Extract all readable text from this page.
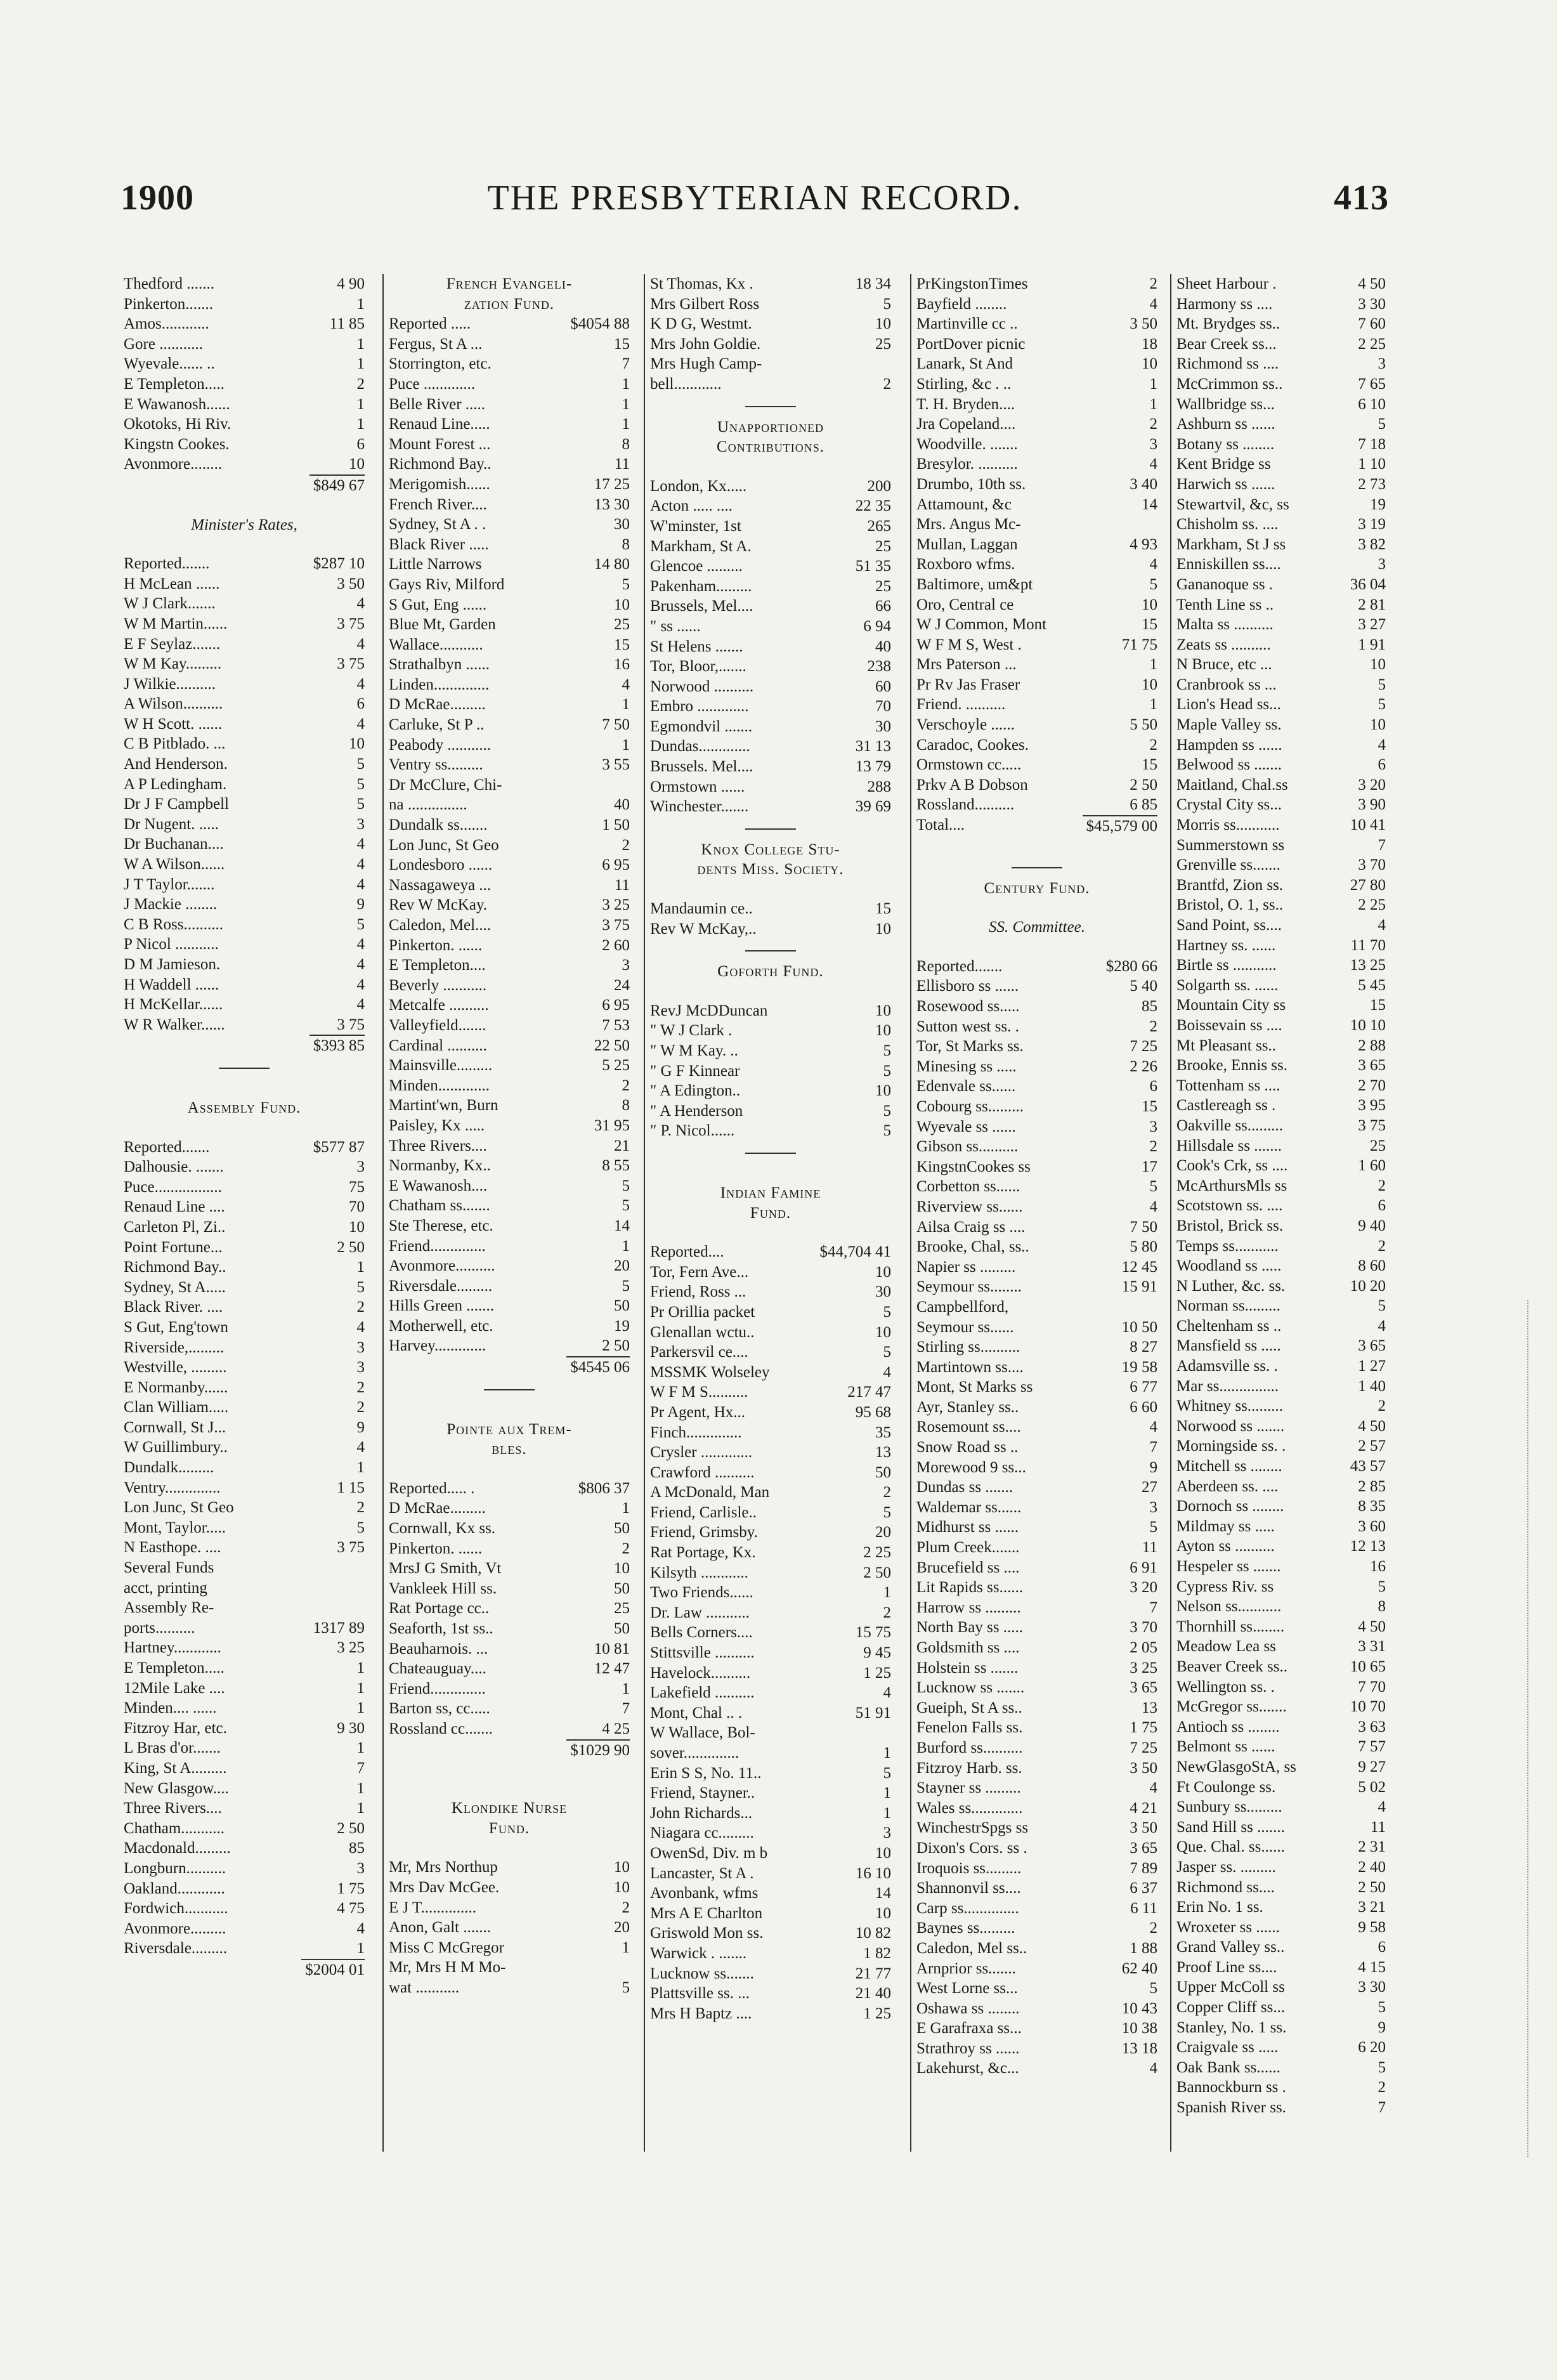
1900	THE PRESBYTERIAN RECORD.	413
Thedford .......	4 90
Pinkerton.......	1
Amos............	11 85
Gore ...........	1
Wyevale...... ..	1
E Templeton.....	2
E Wawanosh......	1
Okotoks, Hi Riv.	1
Kingstn Cookes.	6
Avonmore........	10
$849 67
Minister's Rates,
Reported.......	$287 10
H McLean ......	3 50
W J Clark.......	4
W M Martin......	3 75
E F Seylaz.......	4
W M Kay.........	3 75
J Wilkie..........	4
A Wilson..........	6
W H Scott. ......	4
C B Pitblado. ...	10
And Henderson.	5
A P Ledingham.	5
Dr J F Campbell	5
Dr Nugent. .....	3
Dr Buchanan....	4
W A Wilson......	4
J T Taylor.......	4
J Mackie ........	9
C B Ross..........	5
P Nicol ...........	4
D M Jamieson.	4
H Waddell ......	4
H McKellar......	4
W R Walker......	3 75
$393 85
Assembly Fund.
Reported.......	$577 87
Dalhousie. .......	3
Puce.................	75
Renaud Line ....	70
Carleton Pl, Zi..	10
Point Fortune...	2 50
Richmond Bay..	1
Sydney, St A.....	5
Black River. ....	2
S Gut, Eng'town	4
Riverside,.........	3
Westville, .........	3
E Normanby......	2
Clan William.....	2
Cornwall, St J...	9
W Guillimbury..	4
Dundalk.........	1
Ventry..............	1 15
Lon Junc, St Geo	2
Mont, Taylor.....	5
N Easthope. ....	3 75
Several Funds
acct, printing
Assembly Re-
ports..........	1317 89
Hartney............	3 25
E Templeton.....	1
12Mile Lake ....	1
Minden.... ......	1
Fitzroy Har, etc.	9 30
L Bras d'or.......	1
King, St A.........	7
New Glasgow....	1
Three Rivers....	1
Chatham...........	2 50
Macdonald.........	85
Longburn..........	3
Oakland............	1 75
Fordwich...........	4 75
Avonmore.........	4
Riversdale.........	1
$2004 01
French Evangeli-
zation Fund.
Reported .....	$4054 88
Fergus, St A ...	15
Storrington, etc.	7
Puce .............	1
Belle River .....	1
Renaud Line.....	1
Mount Forest ...	8
Richmond Bay..	11
Merigomish......	17 25
French River....	13 30
Sydney, St A . .	30
Black River .....	8
Little Narrows	14 80
Gays Riv, Milford	5
S Gut, Eng ......	10
Blue Mt, Garden	25
Wallace...........	15
Strathalbyn ......	16
Linden..............	4
D McRae.........	1
Carluke, St P ..	7 50
Peabody ...........	1
Ventry ss.........	3 55
Dr McClure, Chi-
na ...............	40
Dundalk ss.......	1 50
Lon Junc, St Geo	2
Londesboro ......	6 95
Nassagaweya ...	11
Rev W McKay.	3 25
Caledon, Mel....	3 75
Pinkerton. ......	2 60
E Templeton....	3
Beverly ...........	24
Metcalfe ..........	6 95
Valleyfield.......	7 53
Cardinal ..........	22 50
Mainsville.........	5 25
Minden.............	2
Martint'wn, Burn	8
Paisley, Kx .....	31 95
Three Rivers....	21
Normanby, Kx..	8 55
E Wawanosh....	5
Chatham ss.......	5
Ste Therese, etc.	14
Friend..............	1
Avonmore..........	20
Riversdale.........	5
Hills Green .......	50
Motherwell, etc.	19
Harvey.............	2 50
$4545 06
Pointe aux Trem-
bles.
Reported..... .	$806 37
D McRae.........	1
Cornwall, Kx ss.	50
Pinkerton. ......	2
MrsJ G Smith, Vt	10
Vankleek Hill ss.	50
Rat Portage cc..	25
Seaforth, 1st ss..	50
Beauharnois. ...	10 81
Chateauguay....	12 47
Friend..............	1
Barton ss, cc.....	7
Rossland cc.......	4 25
$1029 90
Klondike Nurse
Fund.
Mr, Mrs Northup	10
Mrs Dav McGee.	10
E J T..............	2
Anon, Galt .......	20
Miss C McGregor	1
Mr, Mrs H M Mo-
wat ...........	5
St Thomas, Kx .	18 34
Mrs Gilbert Ross	5
K D G, Westmt.	10
Mrs John Goldie.	25
Mrs Hugh Camp-
bell............	2
Unapportioned
Contributions.
London, Kx.....	200
Acton ..... ....	22 35
W'minster, 1st	265
Markham, St A.	25
Glencoe .........	51 35
Pakenham.........	25
Brussels, Mel....	66
" ss ......	6 94
St Helens .......	40
Tor, Bloor,.......	238
Norwood ..........	60
Embro .............	70
Egmondvil .......	30
Dundas.............	31 13
Brussels. Mel....	13 79
Ormstown ......	288
Winchester.......	39 69
Knox College Stu-
dents Miss. Society.
Mandaumin ce..	15
Rev W McKay,..	10
Goforth Fund.
RevJ McDDuncan	10
" W J Clark .	10
" W M Kay. ..	5
" G F Kinnear	5
" A Edington..	10
" A Henderson	5
" P. Nicol......	5
Indian Famine
Fund.
Reported....	$44,704 41
Tor, Fern Ave...	10
Friend, Ross ...	30
Pr Orillia packet	5
Glenallan wctu..	10
Parkersvil ce....	5
MSSMK Wolseley	4
W F M S..........	217 47
Pr Agent, Hx...	95 68
Finch..............	35
Crysler .............	13
Crawford ..........	50
A McDonald, Man	2
Friend, Carlisle..	5
Friend, Grimsby.	20
Rat Portage, Kx.	2 25
Kilsyth ............	2 50
Two Friends......	1
Dr. Law ...........	2
Bells Corners....	15 75
Stittsville ..........	9 45
Havelock..........	1 25
Lakefield ..........	4
Mont, Chal .. .	51 91
W Wallace, Bol-
sover..............	1
Erin S S, No. 11..	5
Friend, Stayner..	1
John Richards...	1
Niagara cc.........	3
OwenSd, Div. m b	10
Lancaster, St A .	16 10
Avonbank, wfms	14
Mrs A E Charlton	10
Griswold Mon ss.	10 82
Warwick . .......	1 82
Lucknow ss.......	21 77
Plattsville ss. ...	21 40
Mrs H Baptz ....	1 25
PrKingstonTimes	2
Bayfield ........	4
Martinville cc ..	3 50
PortDover picnic	18
Lanark, St And	10
Stirling, &c . ..	1
T. H. Bryden....	1
Jra Copeland....	2
Woodville. .......	3
Bresylor. ..........	4
Drumbo, 10th ss.	3 40
Attamount, &c	14
Mrs. Angus Mc-
Mullan, Laggan	4 93
Roxboro wfms.	4
Baltimore, um&pt	5
Oro, Central ce	10
W J Common, Mont	15
W F M S, West .	71 75
Mrs Paterson ...	1
Pr Rv Jas Fraser	10
Friend. ..........	1
Verschoyle ......	5 50
Caradoc, Cookes.	2
Ormstown cc.....	15
Prkv A B Dobson	2 50
Rossland..........	6 85
Total....	$45,579 00
Century Fund.
SS. Committee.
Reported.......	$280 66
Ellisboro ss ......	5 40
Rosewood ss.....	85
Sutton west ss. .	2
Tor, St Marks ss.	7 25
Minesing ss .....	2 26
Edenvale ss......	6
Cobourg ss.........	15
Wyevale ss ......	3
Gibson ss..........	2
KingstnCookes ss	17
Corbetton ss......	5
Riverview ss......	4
Ailsa Craig ss ....	7 50
Brooke, Chal, ss..	5 80
Napier ss .........	12 45
Seymour ss........	15 91
Campbellford,
Seymour ss......	10 50
Stirling ss..........	8 27
Martintown ss....	19 58
Mont, St Marks ss	6 77
Ayr, Stanley ss..	6 60
Rosemount ss....	4
Snow Road ss ..	7
Morewood 9 ss...	9
Dundas ss .......	27
Waldemar ss......	3
Midhurst ss ......	5
Plum Creek.......	11
Brucefield ss ....	6 91
Lit Rapids ss......	3 20
Harrow ss .........	7
North Bay ss .....	3 70
Goldsmith ss ....	2 05
Holstein ss .......	3 25
Lucknow ss .......	3 65
Gueiph, St A ss..	13
Fenelon Falls ss.	1 75
Burford ss..........	7 25
Fitzroy Harb. ss.	3 50
Stayner ss .........	4
Wales ss.............	4 21
WinchestrSpgs ss	3 50
Dixon's Cors. ss .	3 65
Iroquois ss.........	7 89
Shannonvil ss....	6 37
Carp ss..............	6 11
Baynes ss.........	2
Caledon, Mel ss..	1 88
Arnprior ss.......	62 40
West Lorne ss...	5
Oshawa ss ........	10 43
E Garafraxa ss...	10 38
Strathroy ss ......	13 18
Lakehurst, &c...	4
Sheet Harbour .	4 50
Harmony ss ....	3 30
Mt. Brydges ss..	7 60
Bear Creek ss...	2 25
Richmond ss ....	3
McCrimmon ss..	7 65
Wallbridge ss...	6 10
Ashburn ss ......	5
Botany ss ........	7 18
Kent Bridge ss	1 10
Harwich ss ......	2 73
Stewartvil, &c, ss	19
Chisholm ss. ....	3 19
Markham, St J ss	3 82
Enniskillen ss....	3
Gananoque ss .	36 04
Tenth Line ss ..	2 81
Malta ss ..........	3 27
Zeats ss ..........	1 91
N Bruce, etc ...	10
Cranbrook ss ...	5
Lion's Head ss...	5
Maple Valley ss.	10
Hampden ss ......	4
Belwood ss .......	6
Maitland, Chal.ss	3 20
Crystal City ss...	3 90
Morris ss...........	10 41
Summerstown ss	7
Grenville ss.......	3 70
Brantfd, Zion ss.	27 80
Bristol, O. 1, ss..	2 25
Sand Point, ss....	4
Hartney ss. ......	11 70
Birtle ss ...........	13 25
Solgarth ss. ......	5 45
Mountain City ss	15
Boissevain ss ....	10 10
Mt Pleasant ss..	2 88
Brooke, Ennis ss.	3 65
Tottenham ss ....	2 70
Castlereagh ss .	3 95
Oakville ss.........	3 75
Hillsdale ss .......	25
Cook's Crk, ss ....	1 60
McArthursMls ss	2
Scotstown ss. ....	6
Bristol, Brick ss.	9 40
Temps ss...........	2
Woodland ss .....	8 60
N Luther, &c. ss.	10 20
Norman ss.........	5
Cheltenham ss ..	4
Mansfield ss .....	3 65
Adamsville ss. .	1 27
Mar ss...............	1 40
Whitney ss.........	2
Norwood ss .......	4 50
Morningside ss. .	2 57
Mitchell ss ........	43 57
Aberdeen ss. ....	2 85
Dornoch ss ........	8 35
Mildmay ss .....	3 60
Ayton ss ..........	12 13
Hespeler ss .......	16
Cypress Riv. ss	5
Nelson ss...........	8
Thornhill ss........	4 50
Meadow Lea ss	3 31
Beaver Creek ss..	10 65
Wellington ss. .	7 70
McGregor ss.......	10 70
Antioch ss ........	3 63
Belmont ss ......	7 57
NewGlasgoStA, ss	9 27
Ft Coulonge ss.	5 02
Sunbury ss.........	4
Sand Hill ss .......	11
Que. Chal. ss......	2 31
Jasper ss. .........	2 40
Richmond ss....	2 50
Erin No. 1 ss.	3 21
Wroxeter ss ......	9 58
Grand Valley ss..	6
Proof Line ss....	4 15
Upper McColl ss	3 30
Copper Cliff ss...	5
Stanley, No. 1 ss.	9
Craigvale ss .....	6 20
Oak Bank ss......	5
Bannockburn ss .	2
Spanish River ss.	7
